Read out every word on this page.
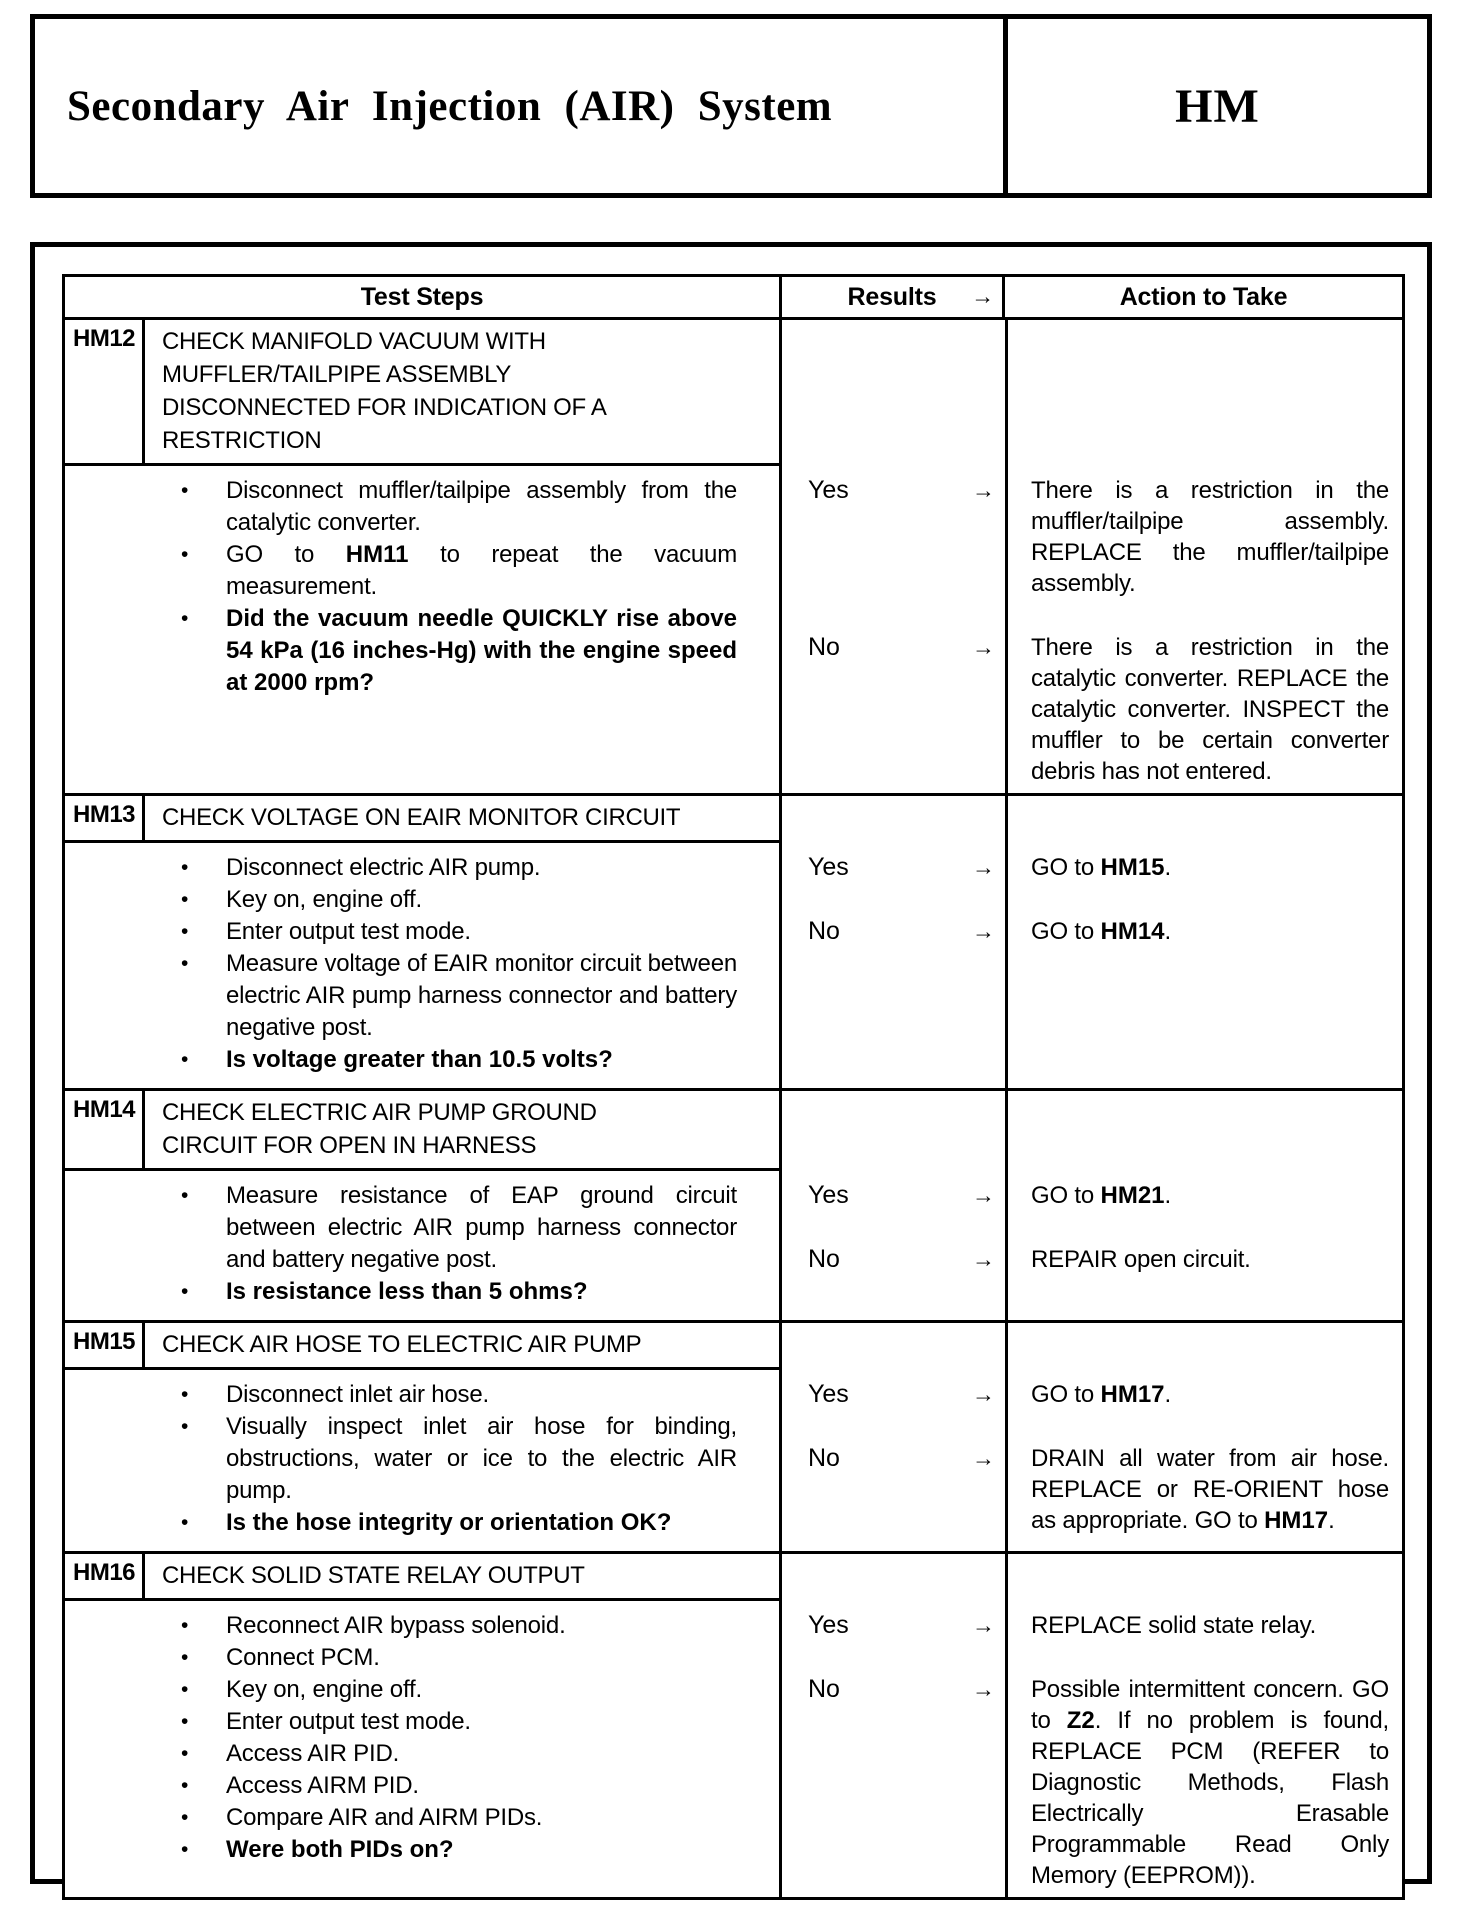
Secondary Air Injection (AIR) System	HM
Test Steps	Results →	Action to Take
HM12	CHECK MANIFOLD VACUUM WITH MUFFLER/TAILPIPE ASSEMBLY DISCONNECTED FOR INDICATION OF A RESTRICTION
•	Disconnect muffler/tailpipe assembly from the catalytic converter.
•	GO to HM11 to repeat the vacuum measurement.
•	Did the vacuum needle QUICKLY rise above 54 kPa (16 inches-Hg) with the engine speed at 2000 rpm?
Yes	→	There is a restriction in the muffler/tailpipe assembly. REPLACE the muffler/tailpipe assembly.
No	→	There is a restriction in the catalytic converter. REPLACE the catalytic converter. INSPECT the muffler to be certain converter debris has not entered.
HM13	CHECK VOLTAGE ON EAIR MONITOR CIRCUIT
•	Disconnect electric AIR pump.
•	Key on, engine off.
•	Enter output test mode.
•	Measure voltage of EAIR monitor circuit between electric AIR pump harness connector and battery negative post.
•	Is voltage greater than 10.5 volts?
Yes	→	GO to HM15.
No	→	GO to HM14.
HM14	CHECK ELECTRIC AIR PUMP GROUND CIRCUIT FOR OPEN IN HARNESS
•	Measure resistance of EAP ground circuit between electric AIR pump harness connector and battery negative post.
•	Is resistance less than 5 ohms?
Yes	→	GO to HM21.
No	→	REPAIR open circuit.
HM15	CHECK AIR HOSE TO ELECTRIC AIR PUMP
•	Disconnect inlet air hose.
•	Visually inspect inlet air hose for binding, obstructions, water or ice to the electric AIR pump.
•	Is the hose integrity or orientation OK?
Yes	→	GO to HM17.
No	→	DRAIN all water from air hose. REPLACE or RE-ORIENT hose as appropriate. GO to HM17.
HM16	CHECK SOLID STATE RELAY OUTPUT
•	Reconnect AIR bypass solenoid.
•	Connect PCM.
•	Key on, engine off.
•	Enter output test mode.
•	Access AIR PID.
•	Access AIRM PID.
•	Compare AIR and AIRM PIDs.
•	Were both PIDs on?
Yes	→	REPLACE solid state relay.
No	→	Possible intermittent concern. GO to Z2. If no problem is found, REPLACE PCM (REFER to Diagnostic Methods, Flash Electrically Erasable Programmable Read Only Memory (EEPROM)).
